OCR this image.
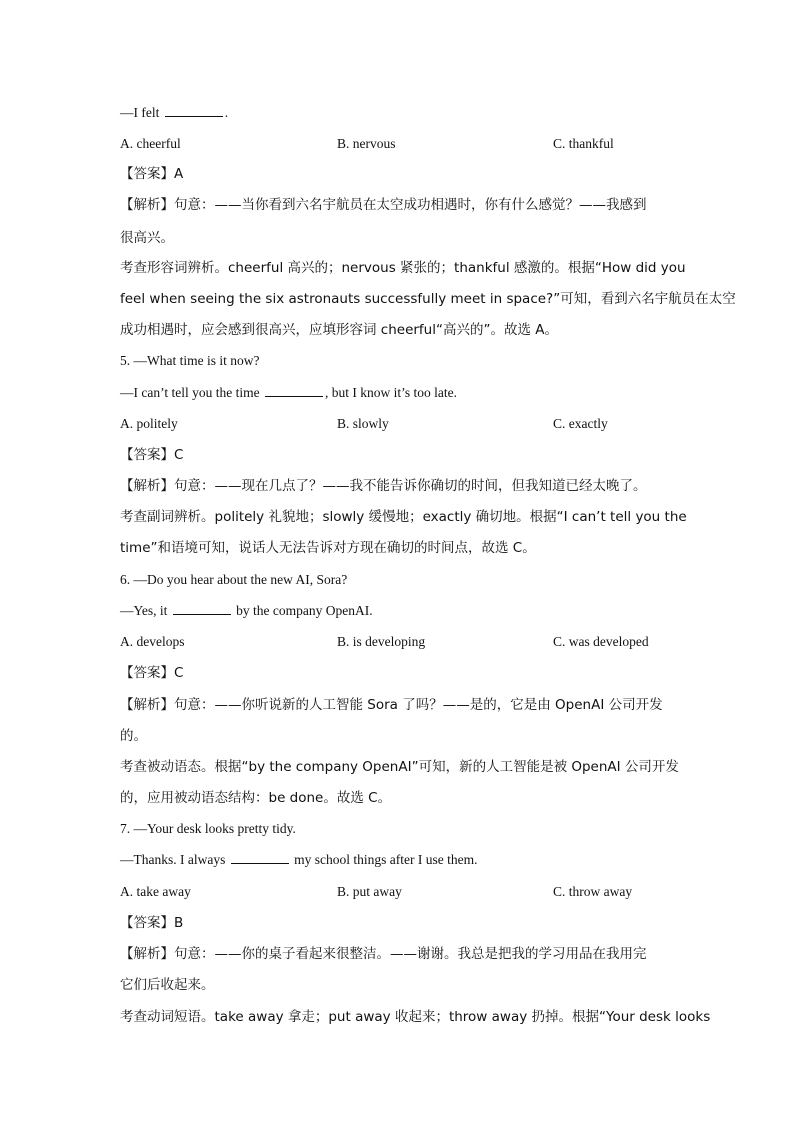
—I felt	.
A. cheerful	B. nervous	C. thankful
【答案】A
【解析】句意：——当你看到六名宇航员在太空成功相遇时，你有什么感觉？——我感到
很高兴。
考查形容词辨析。cheerful 高兴的；nervous 紧张的；thankful 感激的。根据“How did you
feel when seeing the six astronauts successfully meet in space?”可知，看到六名宇航员在太空
成功相遇时，应会感到很高兴，应填形容词 cheerful“高兴的”。故选 A。
5. —What time is it now?
—I can’t tell you the time	, but I know it’s too late.
A. politely	B. slowly	C. exactly
【答案】C
【解析】句意：——现在几点了？——我不能告诉你确切的时间，但我知道已经太晚了。
考查副词辨析。politely 礼貌地；slowly 缓慢地；exactly 确切地。根据“I can’t tell you the
time”和语境可知，说话人无法告诉对方现在确切的时间点，故选 C。
6. —Do you hear about the new AI, Sora?
—Yes, it	by the company OpenAI.
A. develops	B. is developing	C. was developed
【答案】C
【解析】句意：——你听说新的人工智能 Sora 了吗？——是的，它是由 OpenAI 公司开发
的。
考查被动语态。根据“by the company OpenAI”可知，新的人工智能是被 OpenAI 公司开发
的，应用被动语态结构：be done。故选 C。
7. —Your desk looks pretty tidy.
—Thanks. I always	my school things after I use them.
A. take away	B. put away	C. throw away
【答案】B
【解析】句意：——你的桌子看起来很整洁。——谢谢。我总是把我的学习用品在我用完
它们后收起来。
考查动词短语。take away 拿走；put away 收起来；throw away 扔掉。根据“Your desk looks
